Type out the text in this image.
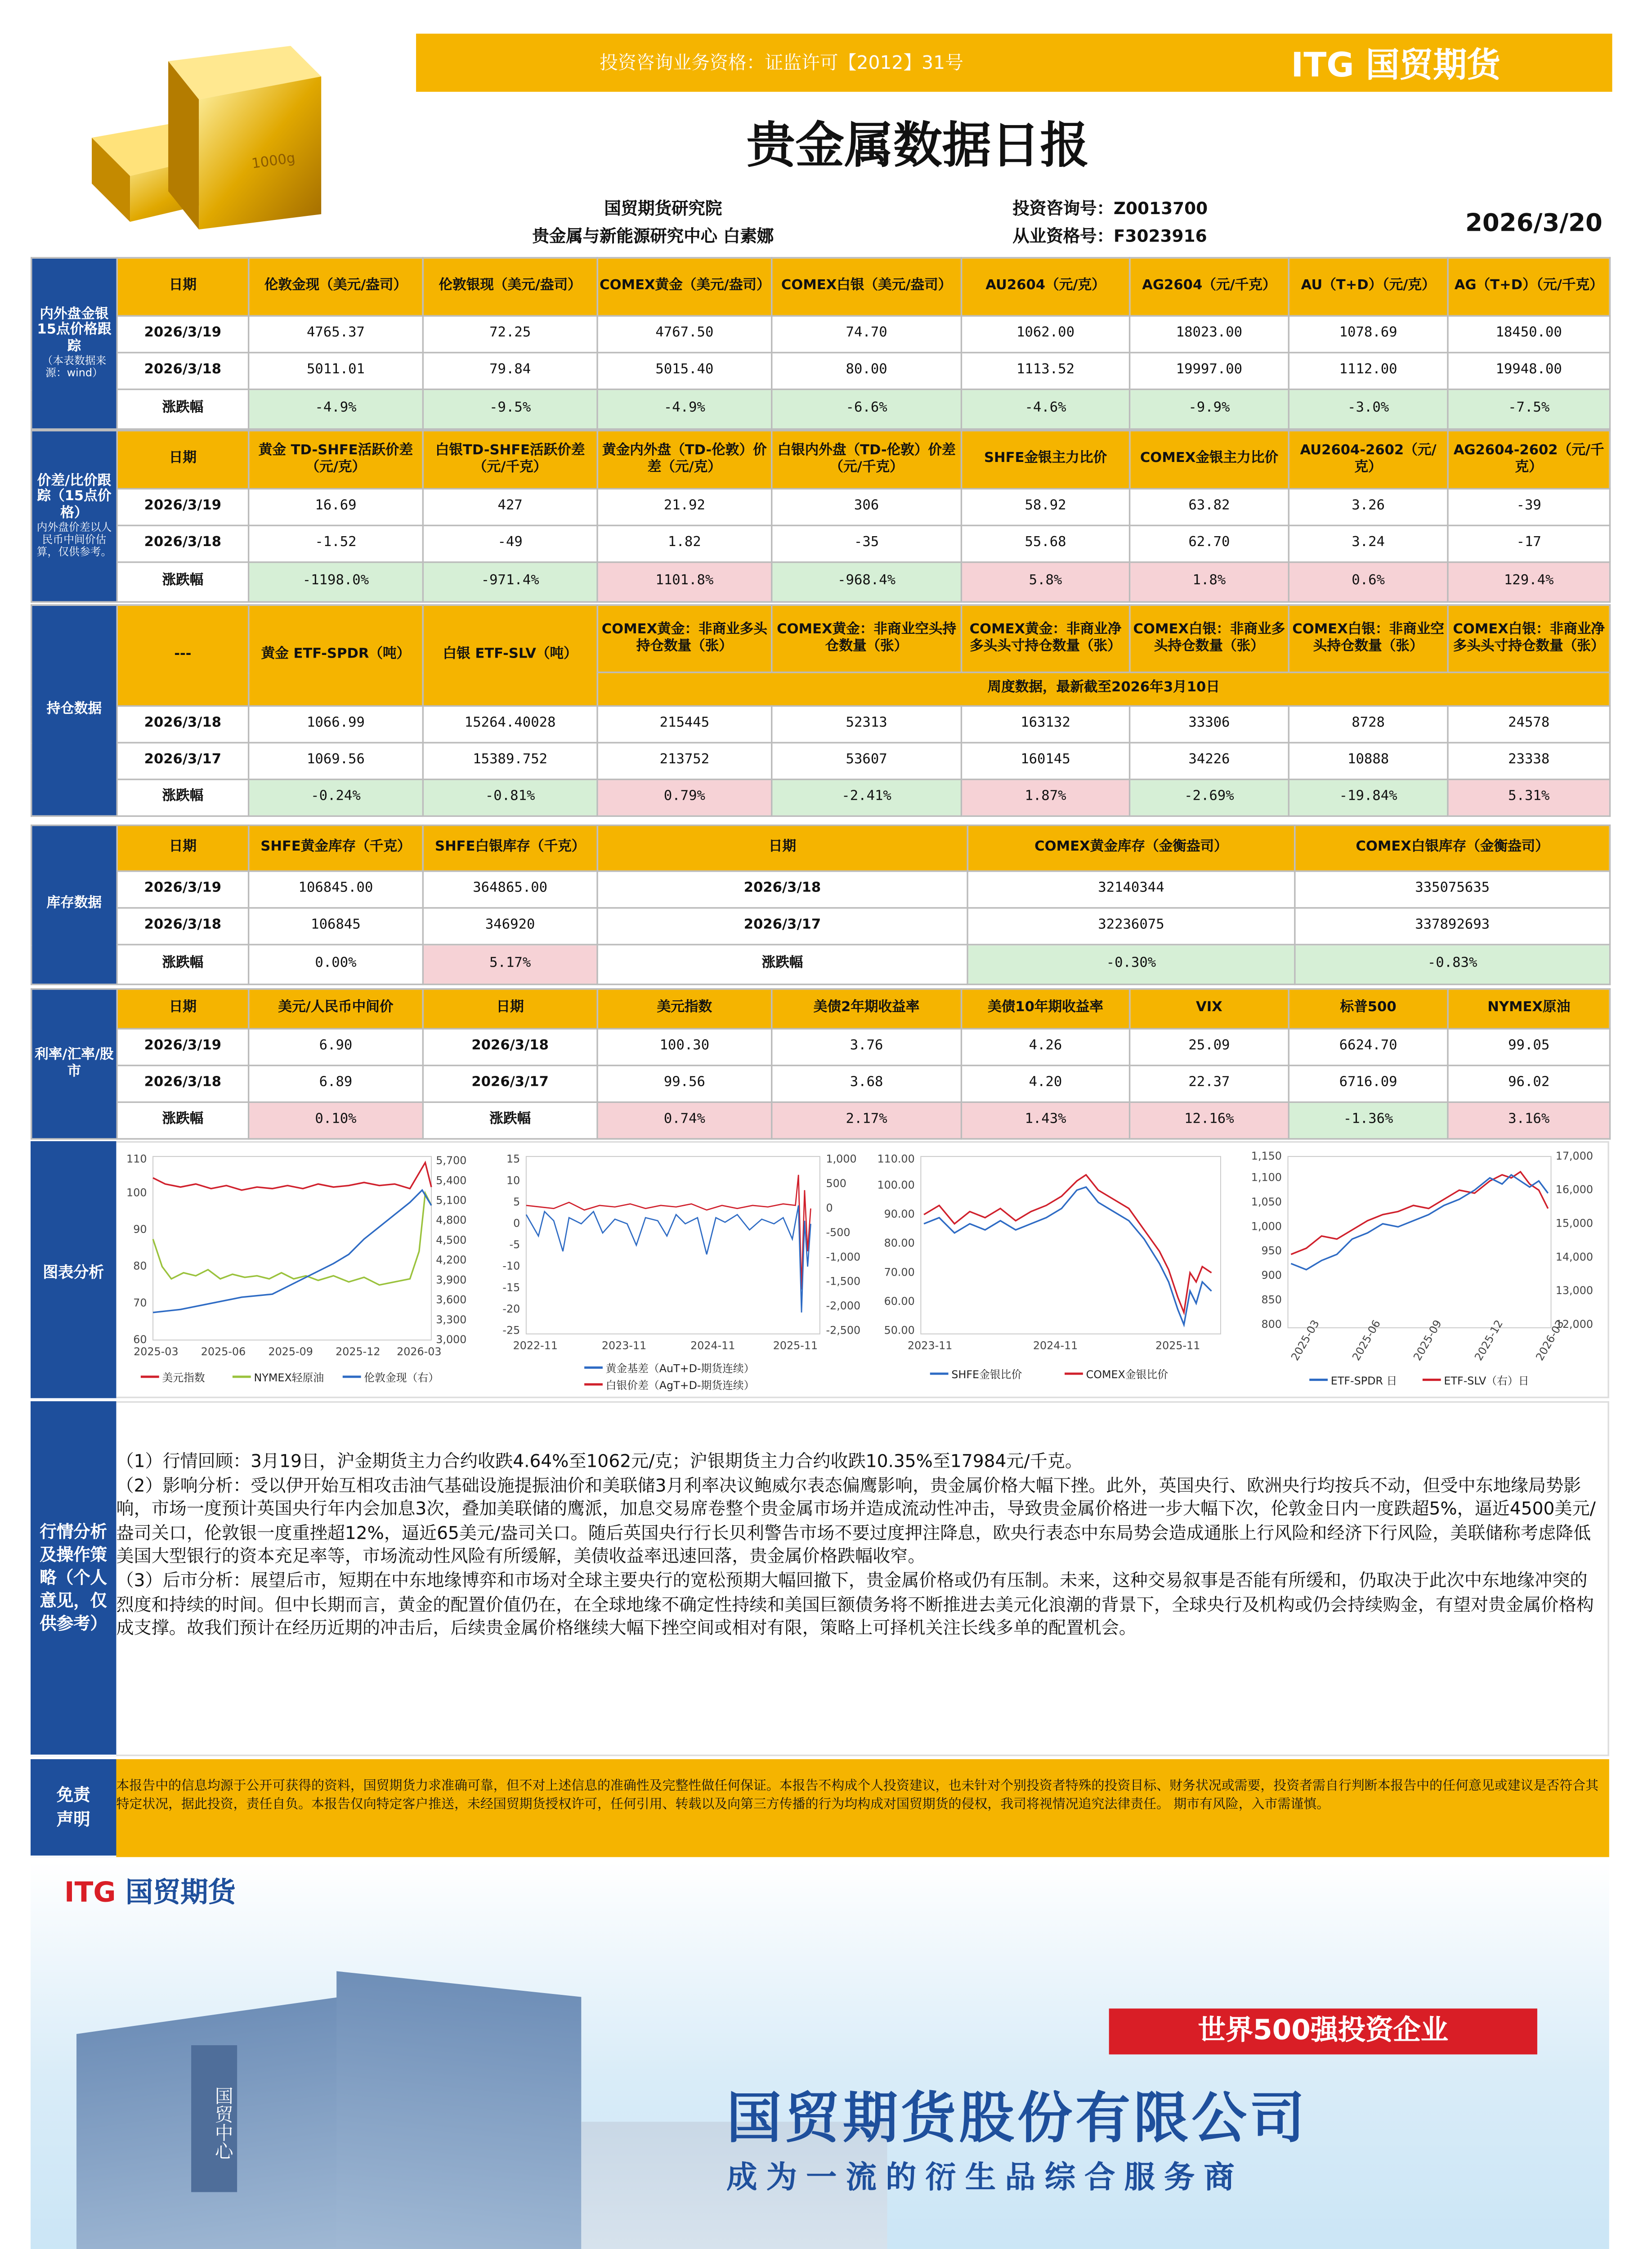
1000g
投资咨询业务资格：证监许可【2012】31号	ITG 国贸期货
贵金属数据日报
国贸期货研究院
贵金属与新能源研究中心 白素娜
投资咨询号：Z0013700
从业资格号：F3023916	2026/3/20
内外盘金银15点价格跟踪
（本表数据来源：wind）	日期	伦敦金现（美元/盎司）	伦敦银现（美元/盎司）	COMEX黄金（美元/盎司）	COMEX白银（美元/盎司）	AU2604（元/克）	AG2604（元/千克）	AU（T+D）（元/克）	AG（T+D）（元/千克）
	2026/3/19	4765.37	72.25	4767.50	74.70	1062.00	18023.00	1078.69	18450.00
	2026/3/18	5011.01	79.84	5015.40	80.00	1113.52	19997.00	1112.00	19948.00
	涨跌幅	-4.9%	-9.5%	-4.9%	-6.6%	-4.6%	-9.9%	-3.0%	-7.5%
价差/比价跟踪（15点价格）
内外盘价差以人民币中间价估算，仅供参考。	日期	黄金 TD-SHFE活跃价差（元/克）	白银TD-SHFE活跃价差（元/千克）	黄金内外盘（TD-伦敦）价差（元/克）	白银内外盘（TD-伦敦）价差（元/千克）	SHFE金银主力比价	COMEX金银主力比价	AU2604-2602（元/克）	AG2604-2602（元/千克）
	2026/3/19	16.69	427	21.92	306	58.92	63.82	3.26	-39
	2026/3/18	-1.52	-49	1.82	-35	55.68	62.70	3.24	-17
	涨跌幅	-1198.0%	-971.4%	1101.8%	-968.4%	5.8%	1.8%	0.6%	129.4%
持仓数据	---	黄金 ETF-SPDR（吨）	白银 ETF-SLV（吨）	COMEX黄金：非商业多头持仓数量（张）	COMEX黄金：非商业空头持仓数量（张）	COMEX黄金：非商业净多头头寸持仓数量（张）	COMEX白银：非商业多头持仓数量（张）	COMEX白银：非商业空头持仓数量（张）	COMEX白银：非商业净多头头寸持仓数量（张）
				周度数据，最新截至2026年3月10日					
	2026/3/18	1066.99	15264.40028	215445	52313	163132	33306	8728	24578
	2026/3/17	1069.56	15389.752	213752	53607	160145	34226	10888	23338
	涨跌幅	-0.24%	-0.81%	0.79%	-2.41%	1.87%	-2.69%	-19.84%	5.31%
库存数据	日期	SHFE黄金库存（千克）	SHFE白银库存（千克）	日期	COMEX黄金库存（金衡盎司）	COMEX白银库存（金衡盎司）
	2026/3/19	106845.00	364865.00	2026/3/18	32140344	335075635
	2026/3/18	106845	346920	2026/3/17	32236075	337892693
	涨跌幅	0.00%	5.17%	涨跌幅	-0.30%	-0.83%
利率/汇率/股市	日期	美元/人民币中间价	日期	美元指数	美债2年期收益率	美债10年期收益率	VIX	标普500	NYMEX原油
	2026/3/19	6.90	2026/3/18	100.30	3.76	4.26	25.09	6624.70	99.05
	2026/3/18	6.89	2026/3/17	99.56	3.68	4.20	22.37	6716.09	96.02
	涨跌幅	0.10%	涨跌幅	0.74%	2.17%	1.43%	12.16%	-1.36%	3.16%
图表分析
60
70
80
90
100
110
3,000
3,300
3,600
3,900
4,200
4,500
4,800
5,100
5,400
5,700
2025-03	2025-06	2025-09	2025-12	2026-03
美元指数	NYMEX轻原油	伦敦金现（右）
15
10
5
0
-5
-10
-15
-20
-25
1,000
500
0
-500
-1,000
-1,500
-2,000
-2,500
2022-11	2023-11	2024-11	2025-11
黄金基差（AuT+D-期货连续）
白银价差（AgT+D-期货连续）
50.00
60.00
70.00
80.00
90.00
100.00
110.00
2023-11	2024-11	2025-11
SHFE金银比价	COMEX金银比价
800
850
900
950
1,000
1,050
1,100
1,150
12,000
13,000
14,000
15,000
16,000
17,000
2025-03	2025-06	2025-09	2025-12	2026-03
ETF-SPDR 日	ETF-SLV（右）日
行情分析及操作策略（个人意见，仅供参考）

（1）行情回顾：3月19日，沪金期货主力合约收跌4.64%至1062元/克；沪银期货主力合约收跌10.35%至17984元/千克。

（2）影响分析：受以伊开始互相攻击油气基础设施提振油价和美联储3月利率决议鲍威尔表态偏鹰影响，贵金属价格大幅下挫。此外，英国央行、欧洲央行均按兵不动，但受中东地缘局势影响，市场一度预计英国央行年内会加息3次，叠加美联储的鹰派，加息交易席卷整个贵金属市场并造成流动性冲击，导致贵金属价格进一步大幅下次，伦敦金日内一度跌超5%，逼近4500美元/盎司关口，伦敦银一度重挫超12%，逼近65美元/盎司关口。随后英国央行行长贝利警告市场不要过度押注降息，欧央行表态中东局势会造成通胀上行风险和经济下行风险，美联储称考虑降低美国大型银行的资本充足率等，市场流动性风险有所缓解，美债收益率迅速回落，贵金属价格跌幅收窄。

（3）后市分析：展望后市，短期在中东地缘博弈和市场对全球主要央行的宽松预期大幅回撤下，贵金属价格或仍有压制。未来，这种交易叙事是否能有所缓和，仍取决于此次中东地缘冲突的烈度和持续的时间。但中长期而言，黄金的配置价值仍在，在全球地缘不确定性持续和美国巨额债务将不断推进去美元化浪潮的背景下，全球央行及机构或仍会持续购金，有望对贵金属价格构成支撑。故我们预计在经历近期的冲击后，后续贵金属价格继续大幅下挫空间或相对有限，策略上可择机关注长线多单的配置机会。

免责声明
本报告中的信息均源于公开可获得的资料，国贸期货力求准确可靠，但不对上述信息的准确性及完整性做任何保证。本报告不构成个人投资建议，也未针对个别投资者特殊的投资目标、财务状况或需要，投资者需自行判断本报告中的任何意见或建议是否符合其特定状况，据此投资，责任自负。本报告仅向特定客户推送，未经国贸期货授权许可，任何引用、转载以及向第三方传播的行为均构成对国贸期货的侵权，我司将视情况追究法律责任。 期市有风险，入市需谨慎。
ITG 国贸期货
国贸中心
世界500强投资企业
国贸期货股份有限公司
成为一流的衍生品综合服务商
